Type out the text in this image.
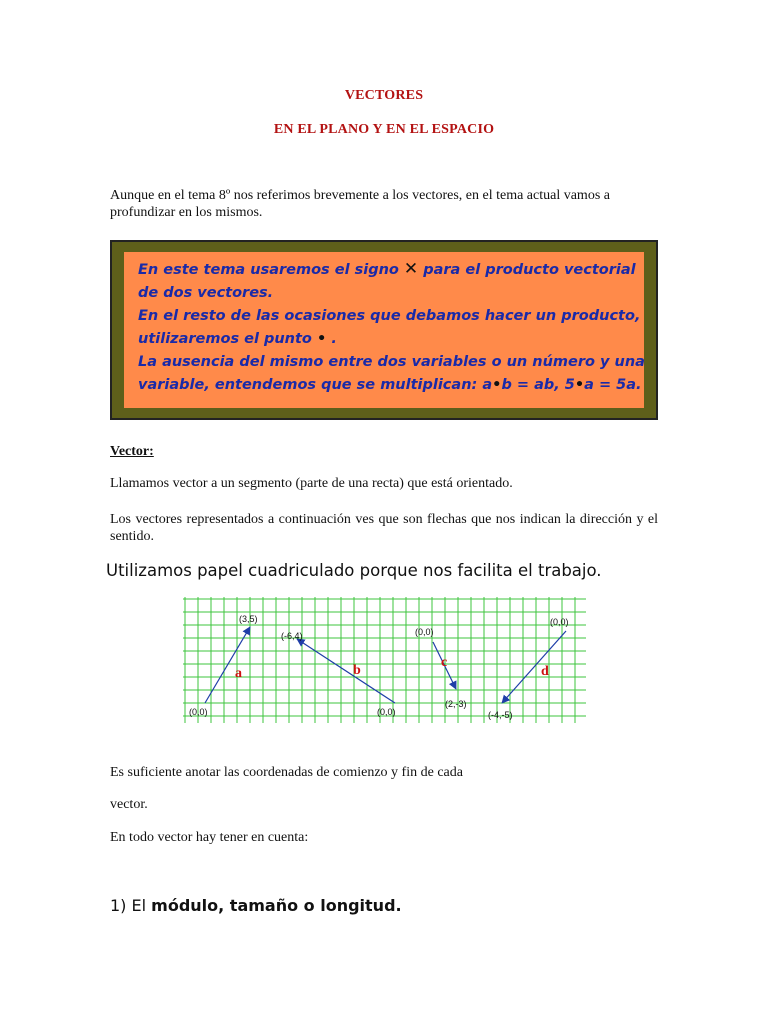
VECTORES
EN EL PLANO Y EN EL ESPACIO
Aunque en el tema 8º nos referimos brevemente a los vectores, en el tema actual vamos a profundizar en los mismos.
En este tema usaremos el signo ✕ para el producto vectorial
de dos vectores.
En el resto de las ocasiones que debamos hacer un producto,
utilizaremos el punto • .
La ausencia del mismo entre dos variables o un número y una
variable, entendemos que se multiplican: a•b = ab, 5•a = 5a.
Vector:
Llamamos vector a un segmento (parte de una recta) que está orientado.
Los vectores representados a continuación ves que son flechas que nos indican la dirección y el sentido.
Utilizamos papel cuadriculado porque nos facilita el trabajo.
(0,0)
(3,5)
a
(0,0)
(-6,4)
b
(0,0)
(2,-3)
c
(0,0)
(-4,-5)
d
Es suficiente anotar las coordenadas de comienzo y fin de cada
vector.
En todo vector hay tener en cuenta:
1) El módulo, tamaño o longitud.
